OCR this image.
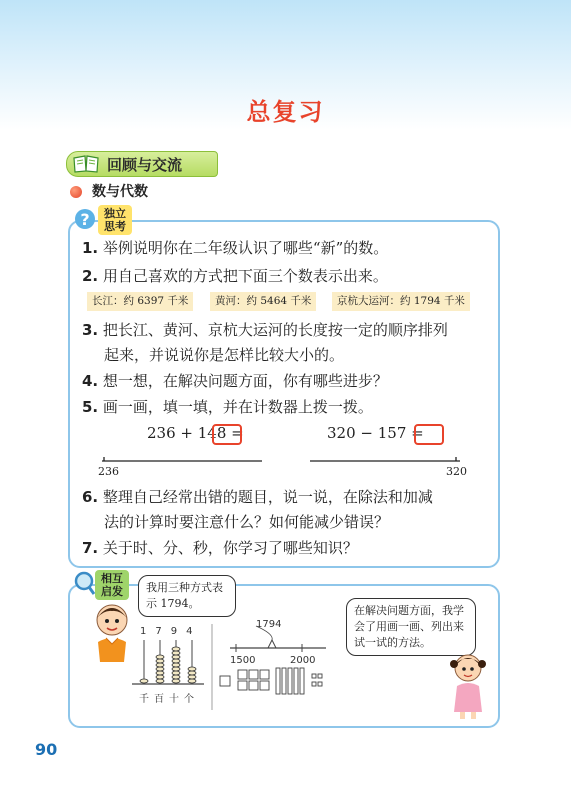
总复习
回顾与交流
数与代数
?	独立
思考
1. 举例说明你在二年级认识了哪些“新”的数。
2. 用自己喜欢的方式把下面三个数表示出来。
长江：约 6397 千米	黄河：约 5464 千米	京杭大运河：约 1794 千米
3. 把长江、黄河、京杭大运河的长度按一定的顺序排列
起来，并说说你是怎样比较大小的。
4. 想一想，在解决问题方面，你有哪些进步？
5. 画一画，填一填，并在计数器上拨一拨。
236 + 148 =	320 − 157 =
236	320
6. 整理自己经常出错的题目，说一说，在除法和加减
法的计算时要注意什么？如何能减少错误？
7. 关于时、分、秒，你学习了哪些知识？
相互
启发	我用三种方式表示 1794。
1794
千百十个
1794
1500	2000
在解决问题方面，我学会了用画一画、列出来试一试的方法。
90
